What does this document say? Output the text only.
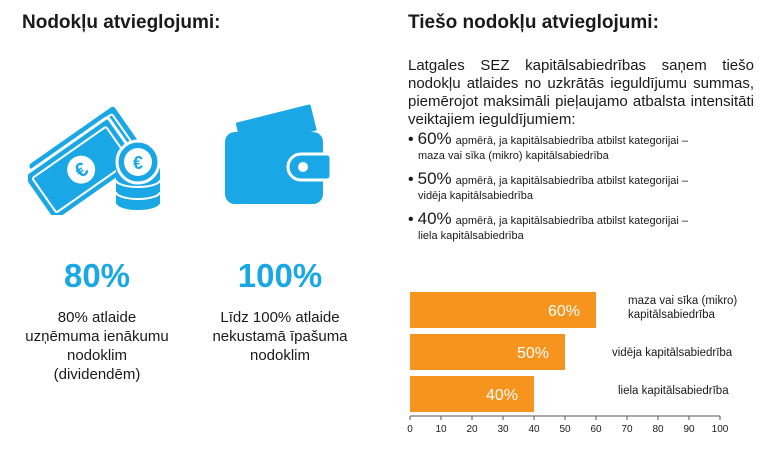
Nodokļu atvieglojumi:
€ €
80%	100%
80% atlaide
uzņēmuma ienākumu
nodoklim
(dividendēm)
Līdz 100% atlaide
nekustamā īpašuma
nodoklim
Tiešo nodokļu atvieglojumi:
Latgales SEZ kapitālsabiedrības saņem tiešo nodokļu atlaides no uzkrātās ieguldījumu summas, piemērojot maksimāli pieļaujamo atbalsta intensitāti veiktajiem ieguldījumiem:
• 60% apmērā, ja kapitālsabiedrība atbilst kategorijai –
maza vai sīka (mikro) kapitālsabiedrība
• 50% apmērā, ja kapitālsabiedrība atbilst kategorijai –
vidēja kapitālsabiedrība
• 40% apmērā, ja kapitālsabiedrība atbilst kategorijai –
liela kapitālsabiedrība
60%
50%
40%
0 10 20 30 40 50 60 70 80 90 100
maza vai sīka (mikro) kapitālsabiedrība
vidēja kapitālsabiedrība
liela kapitālsabiedrība
